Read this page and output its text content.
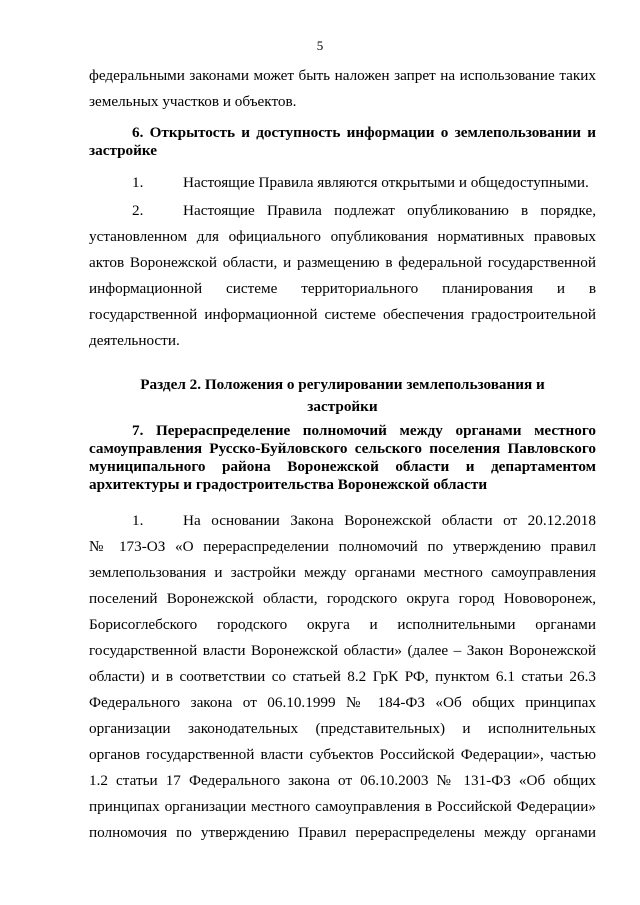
5
федеральными законами может быть наложен запрет на использование таких
земельных участков и объектов.
6. Открытость и доступность информации о землепользовании и
застройке
1.	Настоящие Правила являются открытыми и общедоступными.
2.	Настоящие Правила подлежат опубликованию в порядке,
установленном для официального опубликования нормативных правовых
актов Воронежской области, и размещению в федеральной государственной
информационной системе территориального планирования и в
государственной информационной системе обеспечения градостроительной
деятельности.
Раздел 2. Положения о регулировании землепользования и
застройки
7. Перераспределение полномочий между органами местного
самоуправления Русско-Буйловского сельского поселения Павловского
муниципального района Воронежской области и департаментом
архитектуры и градостроительства Воронежской области
1.	На основании Закона Воронежской области от 20.12.2018
№ 173-ОЗ «О перераспределении полномочий по утверждению правил
землепользования и застройки между органами местного самоуправления
поселений Воронежской области, городского округа город Нововоронеж,
Борисоглебского городского округа и исполнительными органами
государственной власти Воронежской области» (далее – Закон Воронежской
области) и в соответствии со статьей 8.2 ГрК РФ, пунктом 6.1 статьи 26.3
Федерального закона от 06.10.1999 № 184-ФЗ «Об общих принципах
организации законодательных (представительных) и исполнительных
органов государственной власти субъектов Российской Федерации», частью
1.2 статьи 17 Федерального закона от 06.10.2003 № 131-ФЗ «Об общих
принципах организации местного самоуправления в Российской Федерации»
полномочия по утверждению Правил перераспределены между органами
